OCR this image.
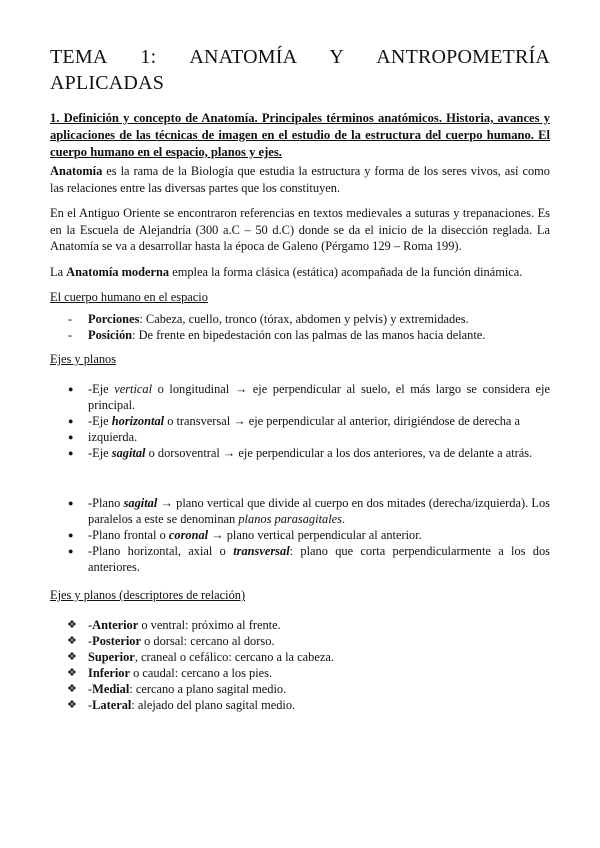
TEMA 1: ANATOMÍA Y ANTROPOMETRÍA APLICADAS
1. Definición y concepto de Anatomía. Principales términos anatómicos. Historia, avances y aplicaciones de las técnicas de imagen en el estudio de la estructura del cuerpo humano. El cuerpo humano en el espacio, planos y ejes.

Anatomía es la rama de la Biología que estudia la estructura y forma de los seres vivos, así como las relaciones entre las diversas partes que los constituyen.

En el Antiguo Oriente se encontraron referencias en textos medievales a suturas y trepanaciones. Es en la Escuela de Alejandría (300 a.C – 50 d.C) donde se da el inicio de la disección reglada. La Anatomía se va a desarrollar hasta la época de Galeno (Pérgamo 129 – Roma 199).

La Anatomía moderna emplea la forma clásica (estática) acompañada de la función dinámica.

El cuerpo humano en el espacio
- Porciones: Cabeza, cuello, tronco (tórax, abdomen y pelvis) y extremidades.
- Posición: De frente en bipedestación con las palmas de las manos hacia delante.
Ejes y planos
● -Eje vertical o longitudinal → eje perpendicular al suelo, el más largo se considera eje principal.
● -Eje horizontal o transversal → eje perpendicular al anterior, dirigiéndose de derecha a
● izquierda.
● -Eje sagital o dorsoventral → eje perpendicular a los dos anteriores, va de delante a atrás.
● -Plano sagital → plano vertical que divide al cuerpo en dos mitades (derecha/izquierda). Los paralelos a este se denominan planos parasagitales.
● -Plano frontal o coronal → plano vertical perpendicular al anterior.
● -Plano horizontal, axial o transversal: plano que corta perpendicularmente a los dos anteriores.
Ejes y planos (descriptores de relación)
❖ -Anterior o ventral: próximo al frente.
❖ -Posterior o dorsal: cercano al dorso.
❖ Superior, craneal o cefálico: cercano a la cabeza.
❖ Inferior o caudal: cercano a los pies.
❖ -Medial: cercano a plano sagital medio.
❖ -Lateral: alejado del plano sagital medio.
